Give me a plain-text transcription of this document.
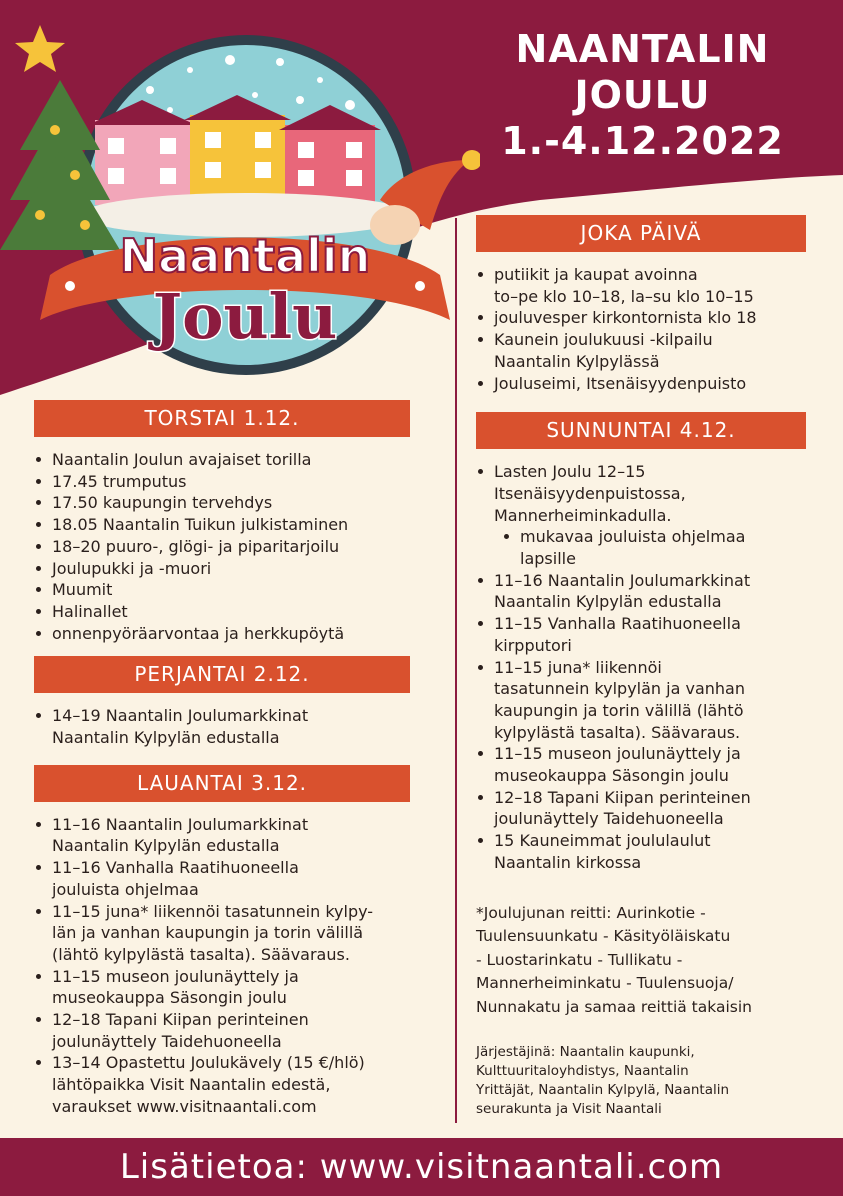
Naantalin
Joulu
NAANTALIN
JOULU
1.-4.12.2022
TORSTAI 1.12.
Naantalin Joulun avajaiset torilla
17.45 trumputus
17.50 kaupungin tervehdys
18.05 Naantalin Tuikun julkistaminen
18–20 puuro-, glögi- ja piparitarjoilu
Joulupukki ja -muori
Muumit
Halinallet
onnenpyöräarvontaa ja herkkupöytä
PERJANTAI 2.12.
14–19 Naantalin Joulumarkkinat
Naantalin Kylpylän edustalla
LAUANTAI 3.12.
11–16 Naantalin Joulumarkkinat
Naantalin Kylpylän edustalla
11–16 Vanhalla Raatihuoneella
jouluista ohjelmaa
11–15 juna* liikennöi tasatunnein kylpy-
län ja vanhan kaupungin ja torin välillä
(lähtö kylpylästä tasalta). Säävaraus.
11–15 museon joulunäyttely ja
museokauppa Säsongin joulu
12–18 Tapani Kiipan perinteinen
joulunäyttely Taidehuoneella
13–14 Opastettu Joulukävely (15 €/hlö)
lähtöpaikka Visit Naantalin edestä,
varaukset www.visitnaantali.com
JOKA PÄIVÄ
putiikit ja kaupat avoinna
to–pe klo 10–18, la–su klo 10–15
jouluvesper kirkontornista klo 18
Kaunein joulukuusi -kilpailu
Naantalin Kylpylässä
Jouluseimi, Itsenäisyydenpuisto
SUNNUNTAI 4.12.
Lasten Joulu 12–15
Itsenäisyydenpuistossa,
Mannerheiminkadulla.
mukavaa jouluista ohjelmaa
lapsille
11–16 Naantalin Joulumarkkinat
Naantalin Kylpylän edustalla
11–15 Vanhalla Raatihuoneella
kirpputori
11–15 juna* liikennöi
tasatunnein kylpylän ja vanhan
kaupungin ja torin välillä (lähtö
kylpylästä tasalta). Säävaraus.
11–15 museon joulunäyttely ja
museokauppa Säsongin joulu
12–18 Tapani Kiipan perinteinen
joulunäyttely Taidehuoneella
15 Kauneimmat joululaulut
Naantalin kirkossa
*Joulujunan reitti: Aurinkotie -
Tuulensuunkatu - Käsityöläiskatu
- Luostarinkatu - Tullikatu -
Mannerheiminkatu - Tuulensuoja/
Nunnakatu ja samaa reittiä takaisin
Järjestäjinä: Naantalin kaupunki,
Kulttuuritaloyhdistys, Naantalin
Yrittäjät, Naantalin Kylpylä, Naantalin
seurakunta ja Visit Naantali
Lisätietoa: www.visitnaantali.com
